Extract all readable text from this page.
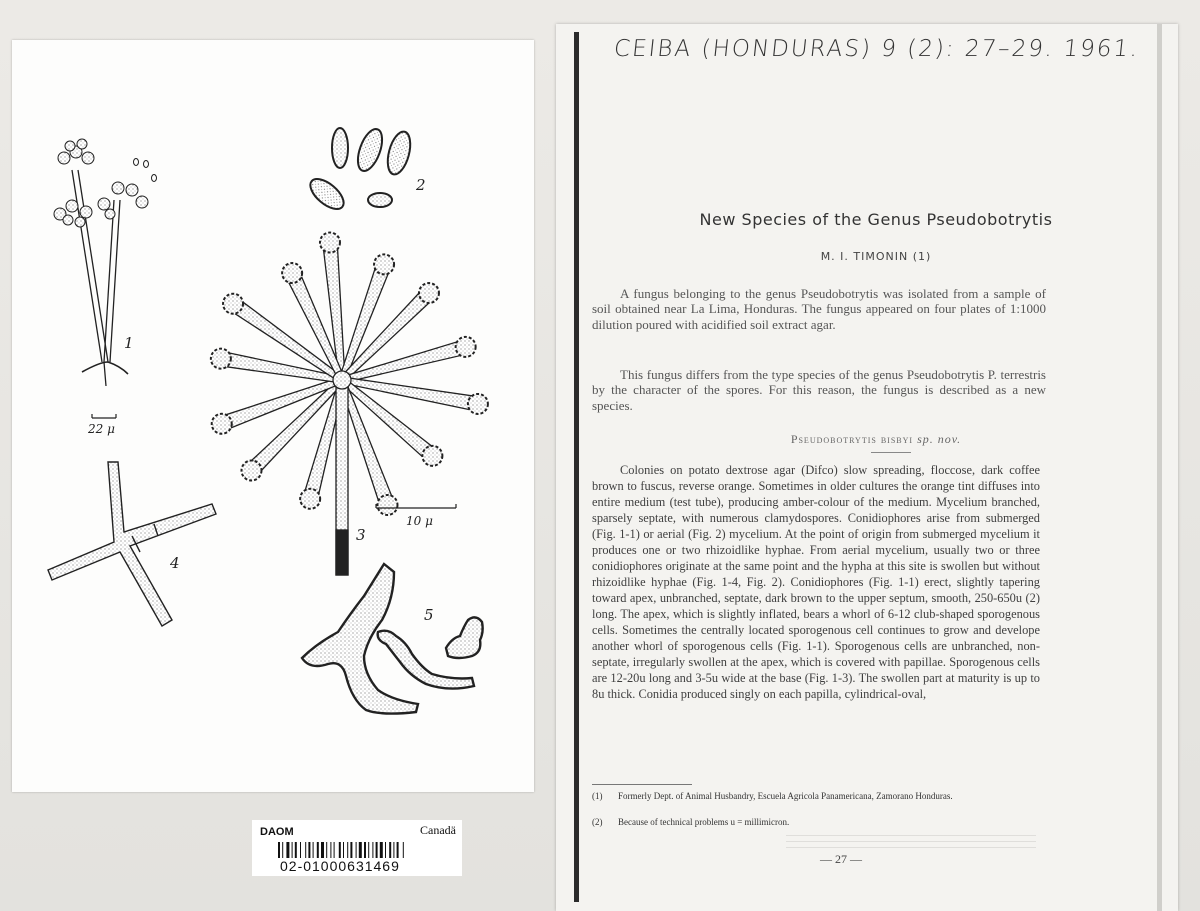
1
2
3
4
5
22 μ
10 μ
DAOM	Canadä
02-01000631469
CEIBA (HONDURAS) 9 (2): 27–29. 1961.
New Species of the Genus Pseudobotrytis
M. I. TIMONIN (1)
A fungus belonging to the genus Pseudobotrytis was isolated from a sample of soil obtained near La Lima, Honduras. The fungus appeared on four plates of 1:1000 dilution poured with acidified soil extract agar.
This fungus differs from the type species of the genus Pseudobotrytis P. terrestris by the character of the spores. For this reason, the fungus is described as a new species.
Pseudobotrytis bisbyi sp. nov.
Colonies on potato dextrose agar (Difco) slow spreading, floccose, dark coffee brown to fuscus, reverse orange. Sometimes in older cultures the orange tint diffuses into entire medium (test tube), producing amber-colour of the medium. Mycelium branched, sparsely septate, with numerous clamydospores. Conidiophores arise from submerged (Fig. 1-1) or aerial (Fig. 2) mycelium. At the point of origin from submerged mycelium it produces one or two rhizoidlike hyphae. From aerial mycelium, usually two or three conidiophores originate at the same point and the hypha at this site is swollen but without rhizoidlike hyphae (Fig. 1-4, Fig. 2). Conidiophores (Fig. 1-1) erect, slightly tapering toward apex, unbranched, septate, dark brown to the upper septum, smooth, 250-650u (2) long. The apex, which is slightly inflated, bears a whorl of 6-12 club-shaped sporogenous cells. Sometimes the centrally located sporogenous cell continues to grow and develope another whorl of sporogenous cells (Fig. 1-1). Sporogenous cells are unbranched, non-septate, irregularly swollen at the apex, which is covered with papillae. Sporogenous cells are 12-20u long and 3-5u wide at the base (Fig. 1-3). The swollen part at maturity is up to 8u thick. Conidia produced singly on each papilla, cylindrical-oval,
(1) Formerly Dept. of Animal Husbandry, Escuela Agricola Panamericana, Zamorano Honduras.
(2) Because of technical problems u = millimicron.
— 27 —
